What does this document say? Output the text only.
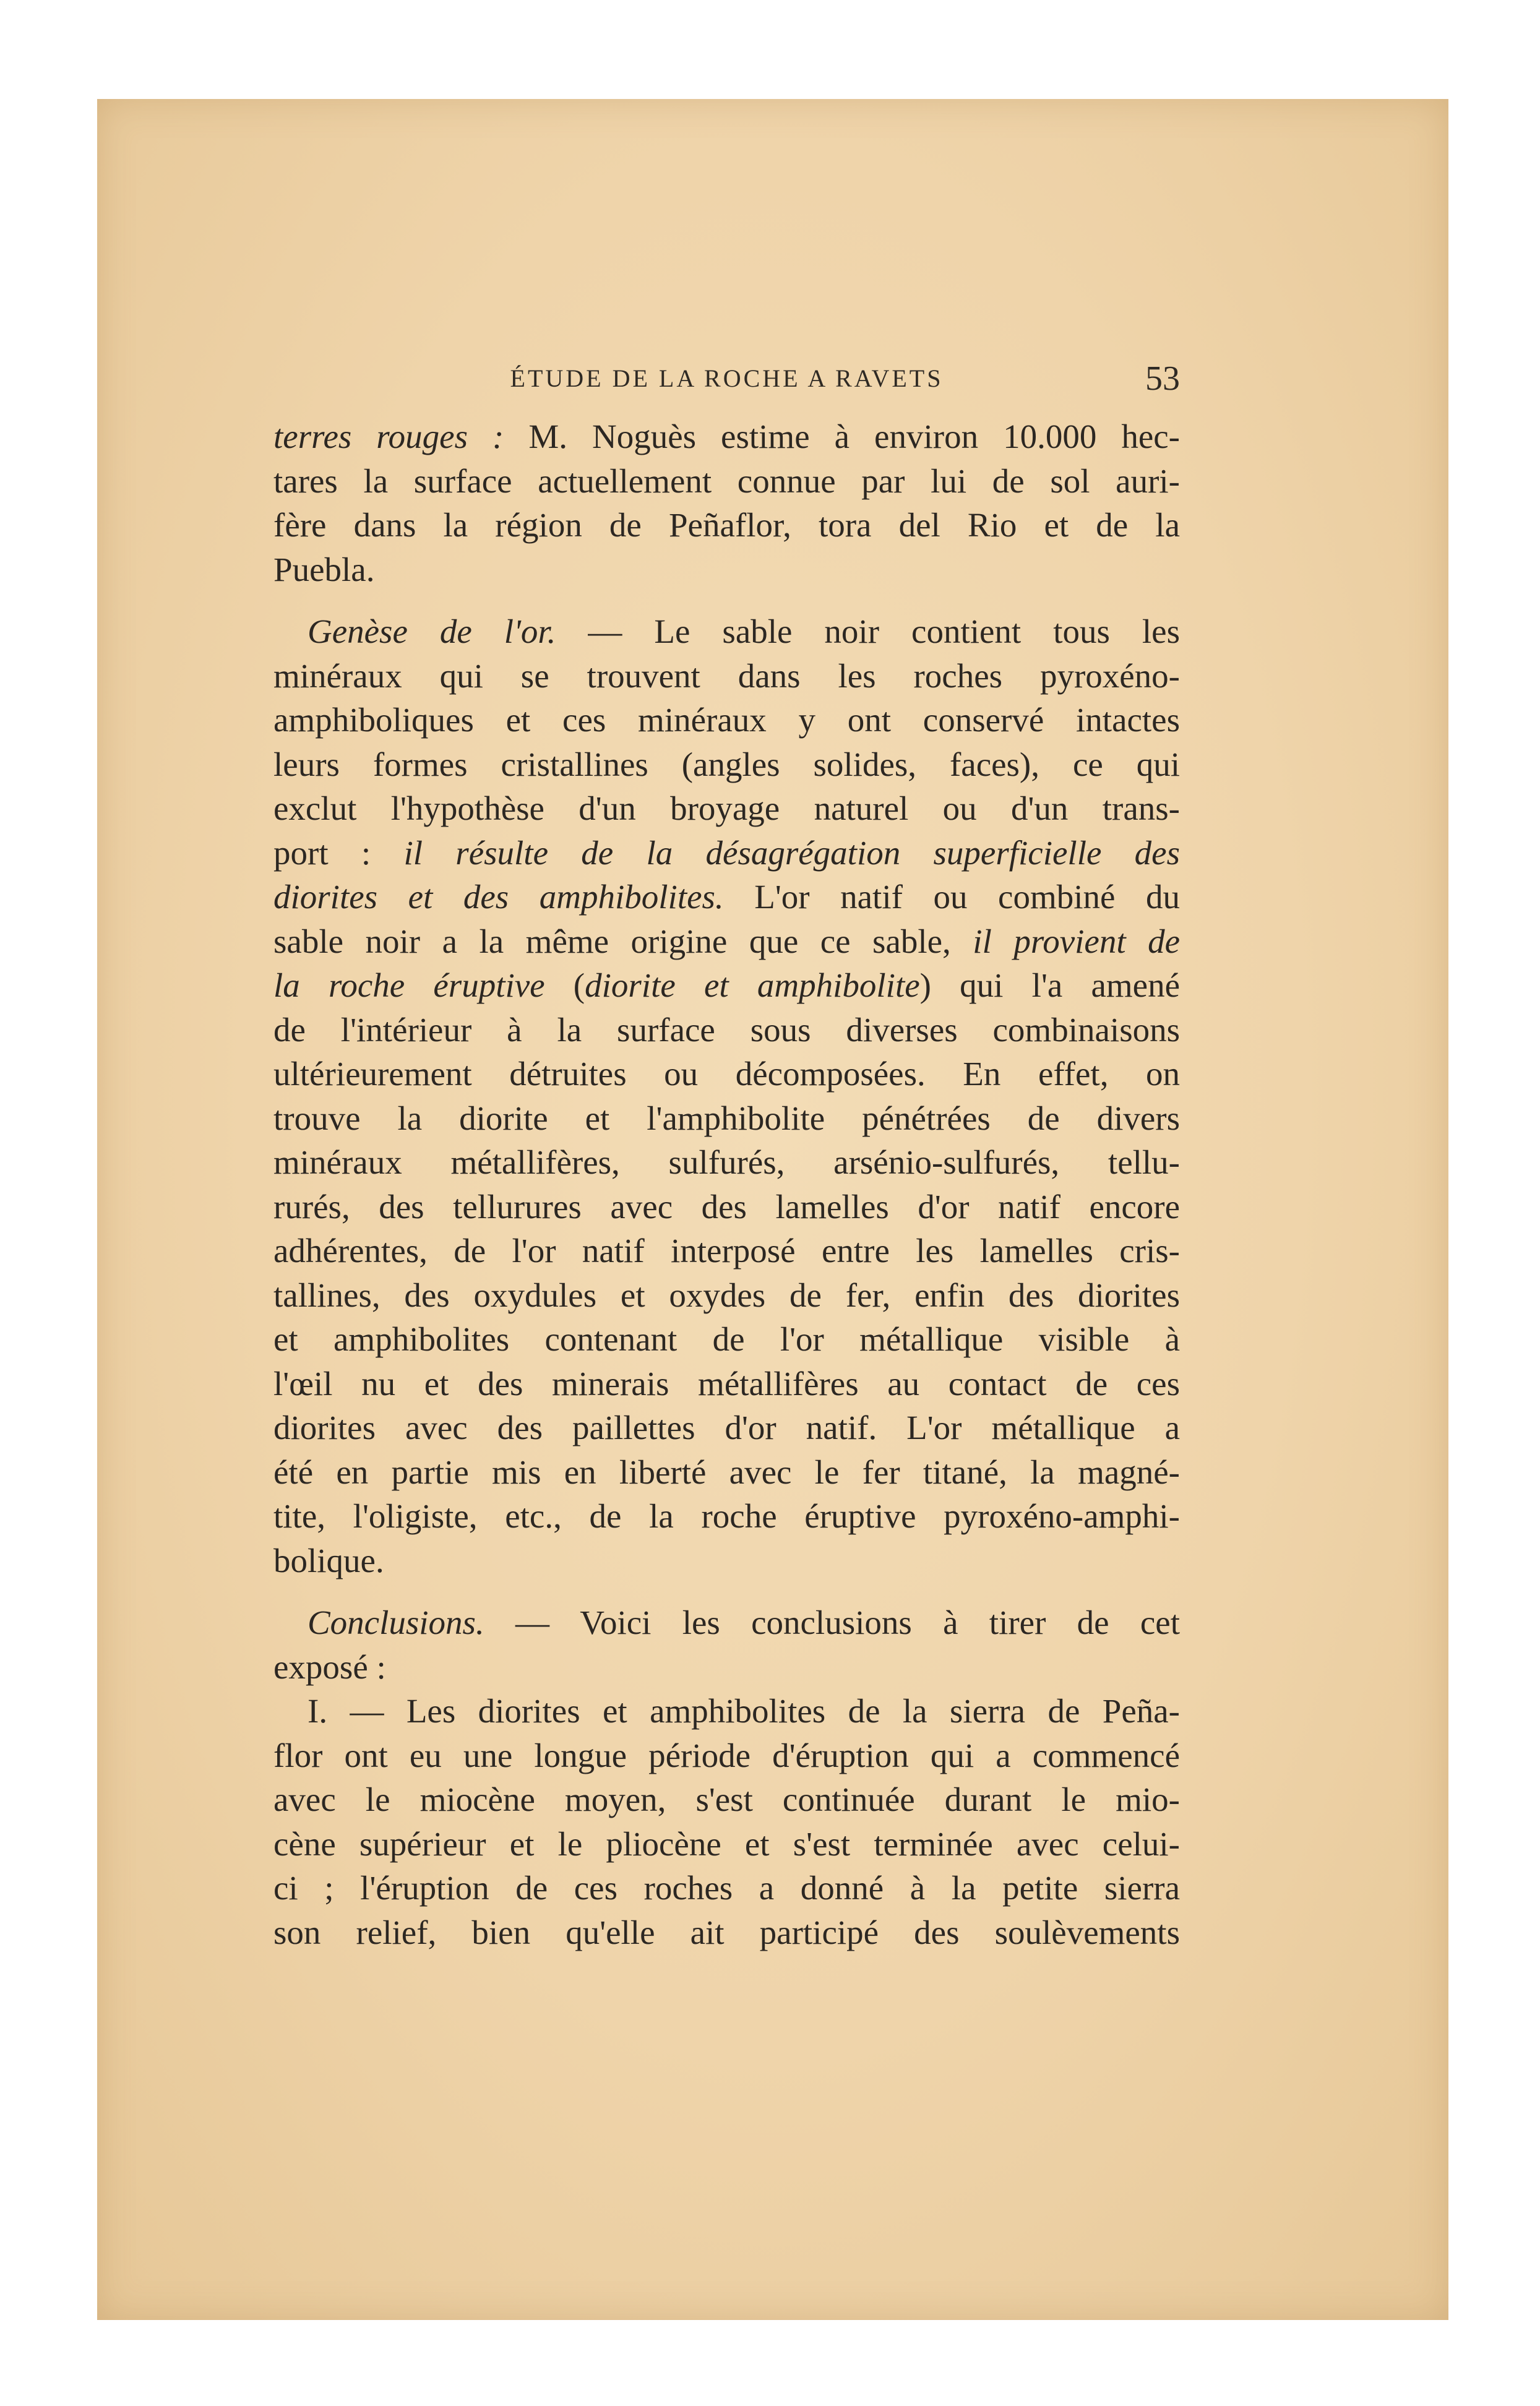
ÉTUDE DE LA ROCHE A RAVETS	53
terres rouges : M. Noguès estime à environ 10.000 hec-
tares la surface actuellement connue par lui de sol auri-
fère dans la région de Peñaflor, tora del Rio et de la
Puebla.
 Genèse de l'or. — Le sable noir contient tous les
minéraux qui se trouvent dans les roches pyroxéno-
amphiboliques et ces minéraux y ont conservé intactes
leurs formes cristallines (angles solides, faces), ce qui
exclut l'hypothèse d'un broyage naturel ou d'un trans-
port : il résulte de la désagrégation superficielle des
diorites et des amphibolites. L'or natif ou combiné du
sable noir a la même origine que ce sable, il provient de
la roche éruptive (diorite et amphibolite) qui l'a amené
de l'intérieur à la surface sous diverses combinaisons
ultérieurement détruites ou décomposées. En effet, on
trouve la diorite et l'amphibolite pénétrées de divers
minéraux métallifères, sulfurés, arsénio-sulfurés, tellu-
rurés, des tellurures avec des lamelles d'or natif encore
adhérentes, de l'or natif interposé entre les lamelles cris-
tallines, des oxydules et oxydes de fer, enfin des diorites
et amphibolites contenant de l'or métallique visible à
l'œil nu et des minerais métallifères au contact de ces
diorites avec des paillettes d'or natif. L'or métallique a
été en partie mis en liberté avec le fer titané, la magné-
tite, l'oligiste, etc., de la roche éruptive pyroxéno-amphi-
bolique.
 Conclusions. — Voici les conclusions à tirer de cet
exposé :
 I. — Les diorites et amphibolites de la sierra de Peña-
flor ont eu une longue période d'éruption qui a commencé
avec le miocène moyen, s'est continuée durant le mio-
cène supérieur et le pliocène et s'est terminée avec celui-
ci ; l'éruption de ces roches a donné à la petite sierra
son relief, bien qu'elle ait participé des soulèvements
